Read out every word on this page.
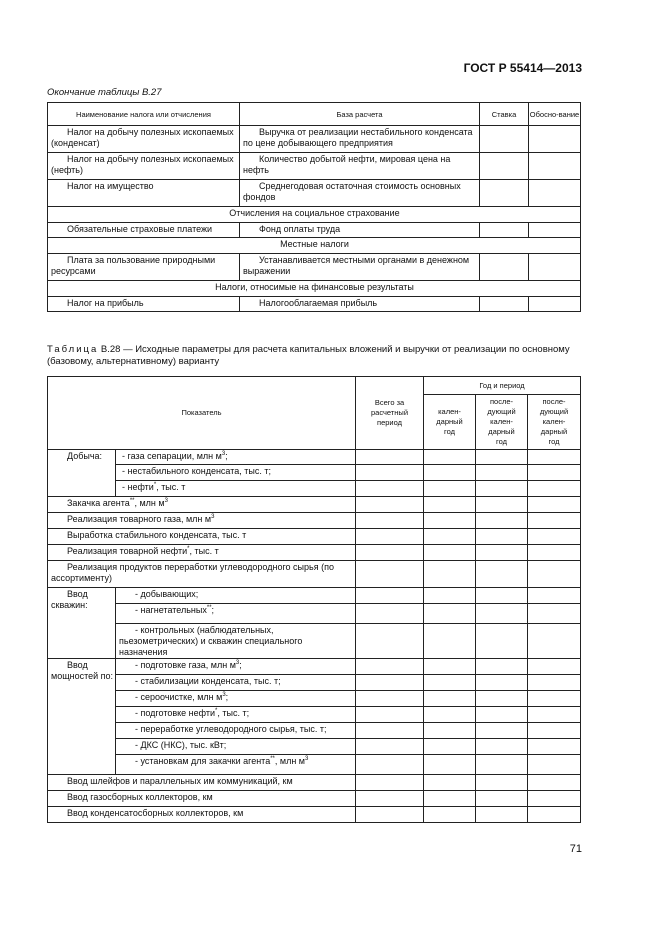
ГОСТ Р 55414—2013
Окончание таблицы В.27
Наименование налога или отчисления	База расчета	Ставка	Обосно-вание
Налог на добычу полезных ископаемых (конденсат)	Выручка от реализации нестабильного конденсата по цене добывающего предприятия		
Налог на добычу полезных ископаемых (нефть)	Количество добытой нефти, мировая цена на нефть		
Налог на имущество	Среднегодовая остаточная стоимость основных фондов		
Отчисления на социальное страхование			
Обязательные страховые платежи	Фонд оплаты труда		
Местные налоги			
Плата за пользование природными ресурсами	Устанавливается местными органами в денежном выражении		
Налоги, относимые на финансовые результаты			
Налог на прибыль	Налогооблагаемая прибыль		
Таблица В.28 — Исходные параметры для расчета капитальных вложений и выручки от реализации по основному (базовому, альтернативному) варианту
Показатель		Всего за расчетный период	Год и период		
			кален-дарный год	после-дующий кален-дарный год	после-дующий кален-дарный год
Добыча:	- газа сепарации, млн $м^3$;				
	- нестабильного конденсата, тыс. т;				
	- нефти*, тыс. т				
Закачка агента**, млн $м^3$				
Реализация товарного газа, млн $м^3$				
Выработка стабильного конденсата, тыс. т					
Реализация товарной нефти*, тыс. т					
Реализация продуктов переработки углеводородного сырья (по ассортименту)					
Ввод скважин:	- добывающих;				
	- нагнетательных**;				
	- контрольных (наблюдательных, пьезометрических) и скважин специального назначения				
Ввод мощностей по:	- подготовке газа, млн $м^3$;				
	- стабилизации конденсата, тыс. т;				
	- сероочистке, млн $м^3$;				
	- подготовке нефти*, тыс. т;				
	- переработке углеводородного сырья, тыс. т;				
	- ДКС (НКС), тыс. кВт;				
	- установкам для закачки агента**, млн $м^3$				
Ввод шлейфов и параллельных им коммуникаций, км					
Ввод газосборных коллекторов, км					
Ввод конденсатосборных коллекторов, км					
71
